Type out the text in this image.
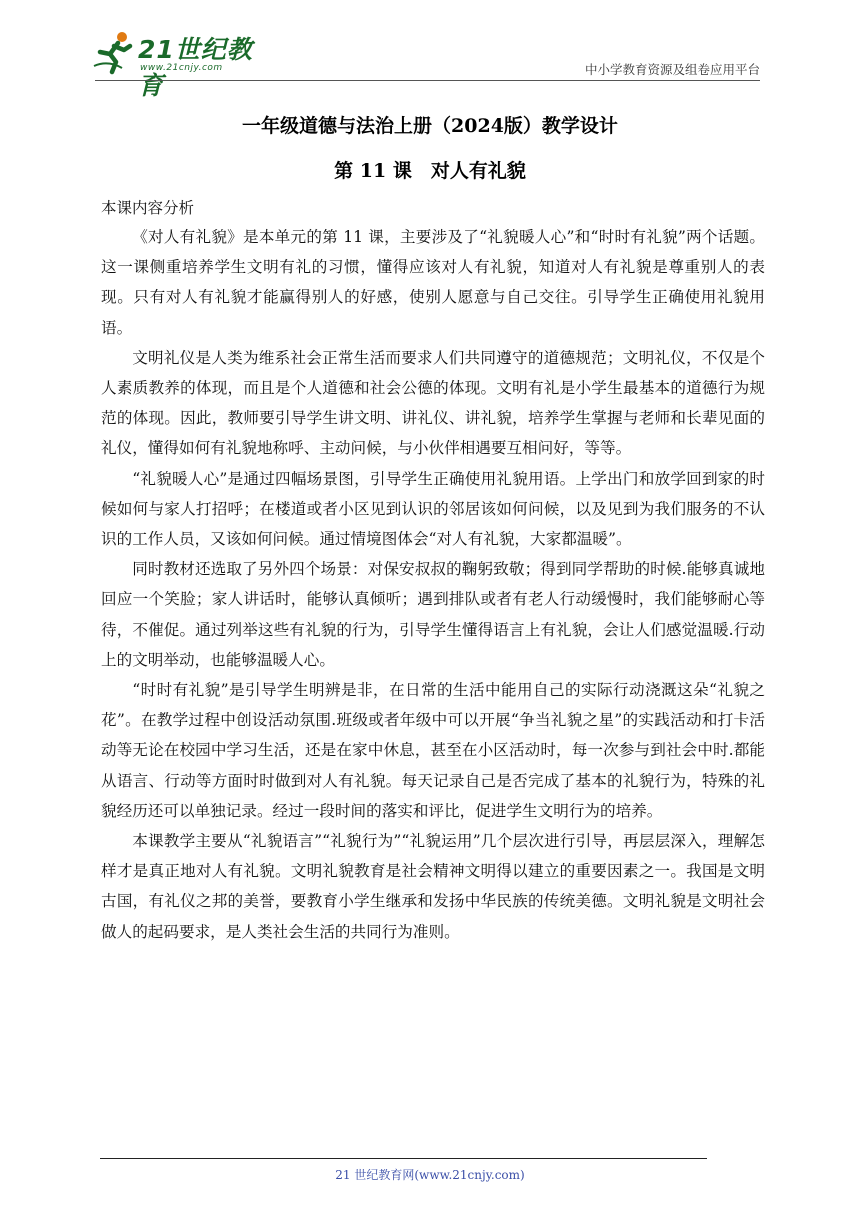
21世纪教育
www.21cnjy.com	中小学教育资源及组卷应用平台
一年级道德与法治上册（2024版）教学设计
第 11 课　对人有礼貌
本课内容分析

《对人有礼貌》是本单元的第 11 课，主要涉及了“礼貌暖人心”和“时时有礼貌”两个话题。这一课侧重培养学生文明有礼的习惯，懂得应该对人有礼貌，知道对人有礼貌是尊重别人的表现。只有对人有礼貌才能赢得别人的好感，使别人愿意与自己交往。引导学生正确使用礼貌用语。

文明礼仪是人类为维系社会正常生活而要求人们共同遵守的道德规范；文明礼仪，不仅是个人素质教养的体现，而且是个人道德和社会公德的体现。文明有礼是小学生最基本的道德行为规范的体现。因此，教师要引导学生讲文明、讲礼仪、讲礼貌，培养学生掌握与老师和长辈见面的礼仪，懂得如何有礼貌地称呼、主动问候，与小伙伴相遇要互相问好，等等。

“礼貌暖人心”是通过四幅场景图，引导学生正确使用礼貌用语。上学出门和放学回到家的时候如何与家人打招呼；在楼道或者小区见到认识的邻居该如何问候，以及见到为我们服务的不认识的工作人员，又该如何问候。通过情境图体会“对人有礼貌，大家都温暖”。

同时教材还选取了另外四个场景：对保安叔叔的鞠躬致敬；得到同学帮助的时候.能够真诚地回应一个笑脸；家人讲话时，能够认真倾听；遇到排队或者有老人行动缓慢时，我们能够耐心等待，不催促。通过列举这些有礼貌的行为，引导学生懂得语言上有礼貌，会让人们感觉温暖.行动上的文明举动，也能够温暖人心。

“时时有礼貌”是引导学生明辨是非，在日常的生活中能用自己的实际行动浇溉这朵“礼貌之花”。在教学过程中创设活动氛围.班级或者年级中可以开展“争当礼貌之星”的实践活动和打卡活动等无论在校园中学习生活，还是在家中休息，甚至在小区活动时，每一次参与到社会中时.都能从语言、行动等方面时时做到对人有礼貌。每天记录自己是否完成了基本的礼貌行为，特殊的礼貌经历还可以单独记录。经过一段时间的落实和评比，促进学生文明行为的培养。

本课教学主要从“礼貌语言”“礼貌行为”“礼貌运用”几个层次进行引导，再层层深入，理解怎样才是真正地对人有礼貌。文明礼貌教育是社会精神文明得以建立的重要因素之一。我国是文明古国，有礼仪之邦的美誉，要教育小学生继承和发扬中华民族的传统美德。文明礼貌是文明社会做人的起码要求，是人类社会生活的共同行为准则。

21 世纪教育网(www.21cnjy.com)
